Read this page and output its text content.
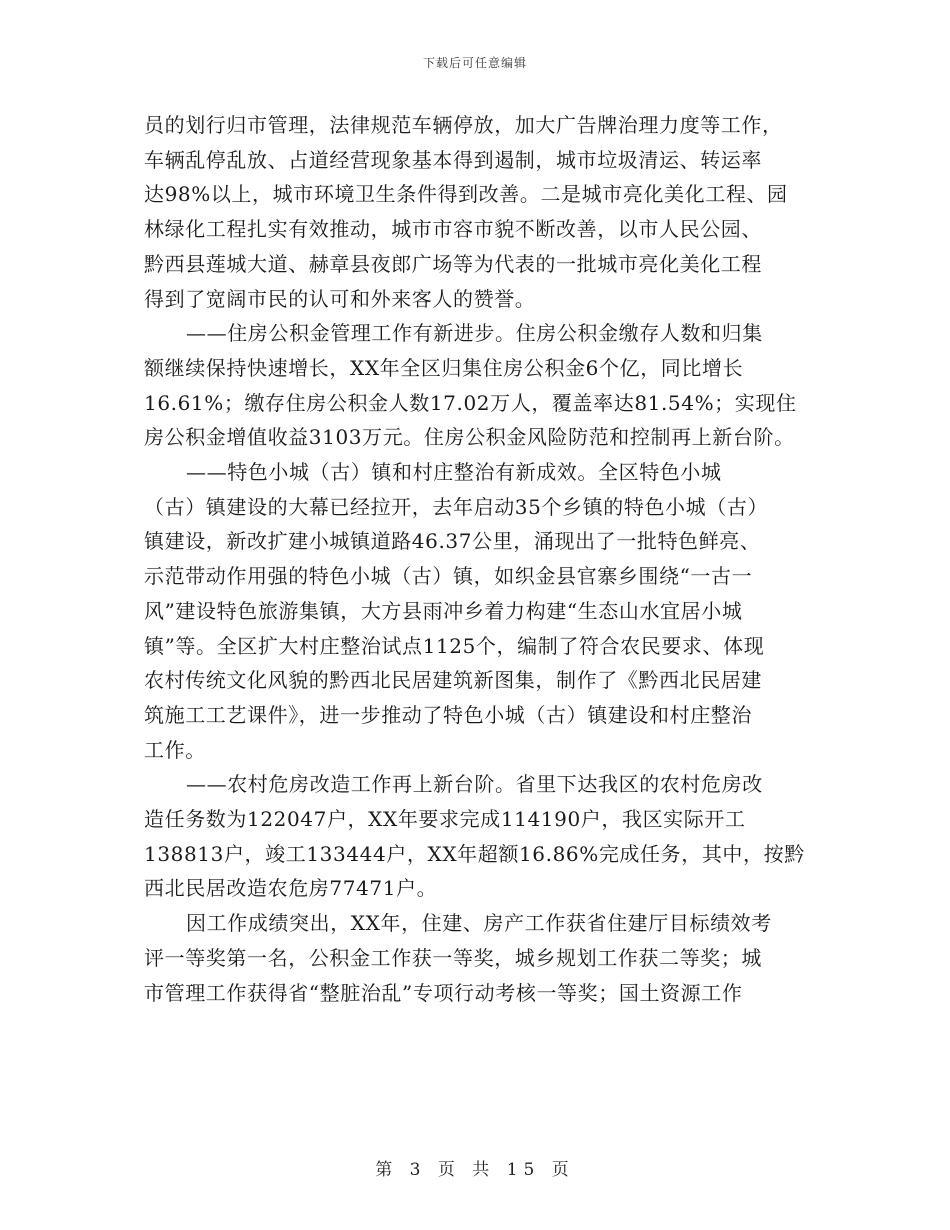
下载后可任意编辑
员的划行归市管理，法律规范车辆停放，加大广告牌治理力度等工作，
车辆乱停乱放、占道经营现象基本得到遏制，城市垃圾清运、转运率
达98%以上，城市环境卫生条件得到改善。二是城市亮化美化工程、园
林绿化工程扎实有效推动，城市市容市貌不断改善，以市人民公园、
黔西县莲城大道、赫章县夜郎广场等为代表的一批城市亮化美化工程
得到了宽阔市民的认可和外来客人的赞誉。
——住房公积金管理工作有新进步。住房公积金缴存人数和归集
额继续保持快速增长，XX年全区归集住房公积金6个亿，同比增长
16.61%；缴存住房公积金人数17.02万人，覆盖率达81.54%；实现住
房公积金增值收益3103万元。住房公积金风险防范和控制再上新台阶。
——特色小城（古）镇和村庄整治有新成效。全区特色小城
（古）镇建设的大幕已经拉开，去年启动35个乡镇的特色小城（古）
镇建设，新改扩建小城镇道路46.37公里，涌现出了一批特色鲜亮、
示范带动作用强的特色小城（古）镇，如织金县官寨乡围绕“一古一
风”建设特色旅游集镇，大方县雨冲乡着力构建“生态山水宜居小城
镇”等。全区扩大村庄整治试点1125个，编制了符合农民要求、体现
农村传统文化风貌的黔西北民居建筑新图集，制作了《黔西北民居建
筑施工工艺课件》，进一步推动了特色小城（古）镇建设和村庄整治
工作。
——农村危房改造工作再上新台阶。省里下达我区的农村危房改
造任务数为122047户，XX年要求完成114190户，我区实际开工
138813户，竣工133444户，XX年超额16.86%完成任务，其中，按黔
西北民居改造农危房77471户。
因工作成绩突出，XX年，住建、房产工作获省住建厅目标绩效考
评一等奖第一名，公积金工作获一等奖，城乡规划工作获二等奖；城
市管理工作获得省“整脏治乱”专项行动考核一等奖；国土资源工作
第 3 页 共 15 页
